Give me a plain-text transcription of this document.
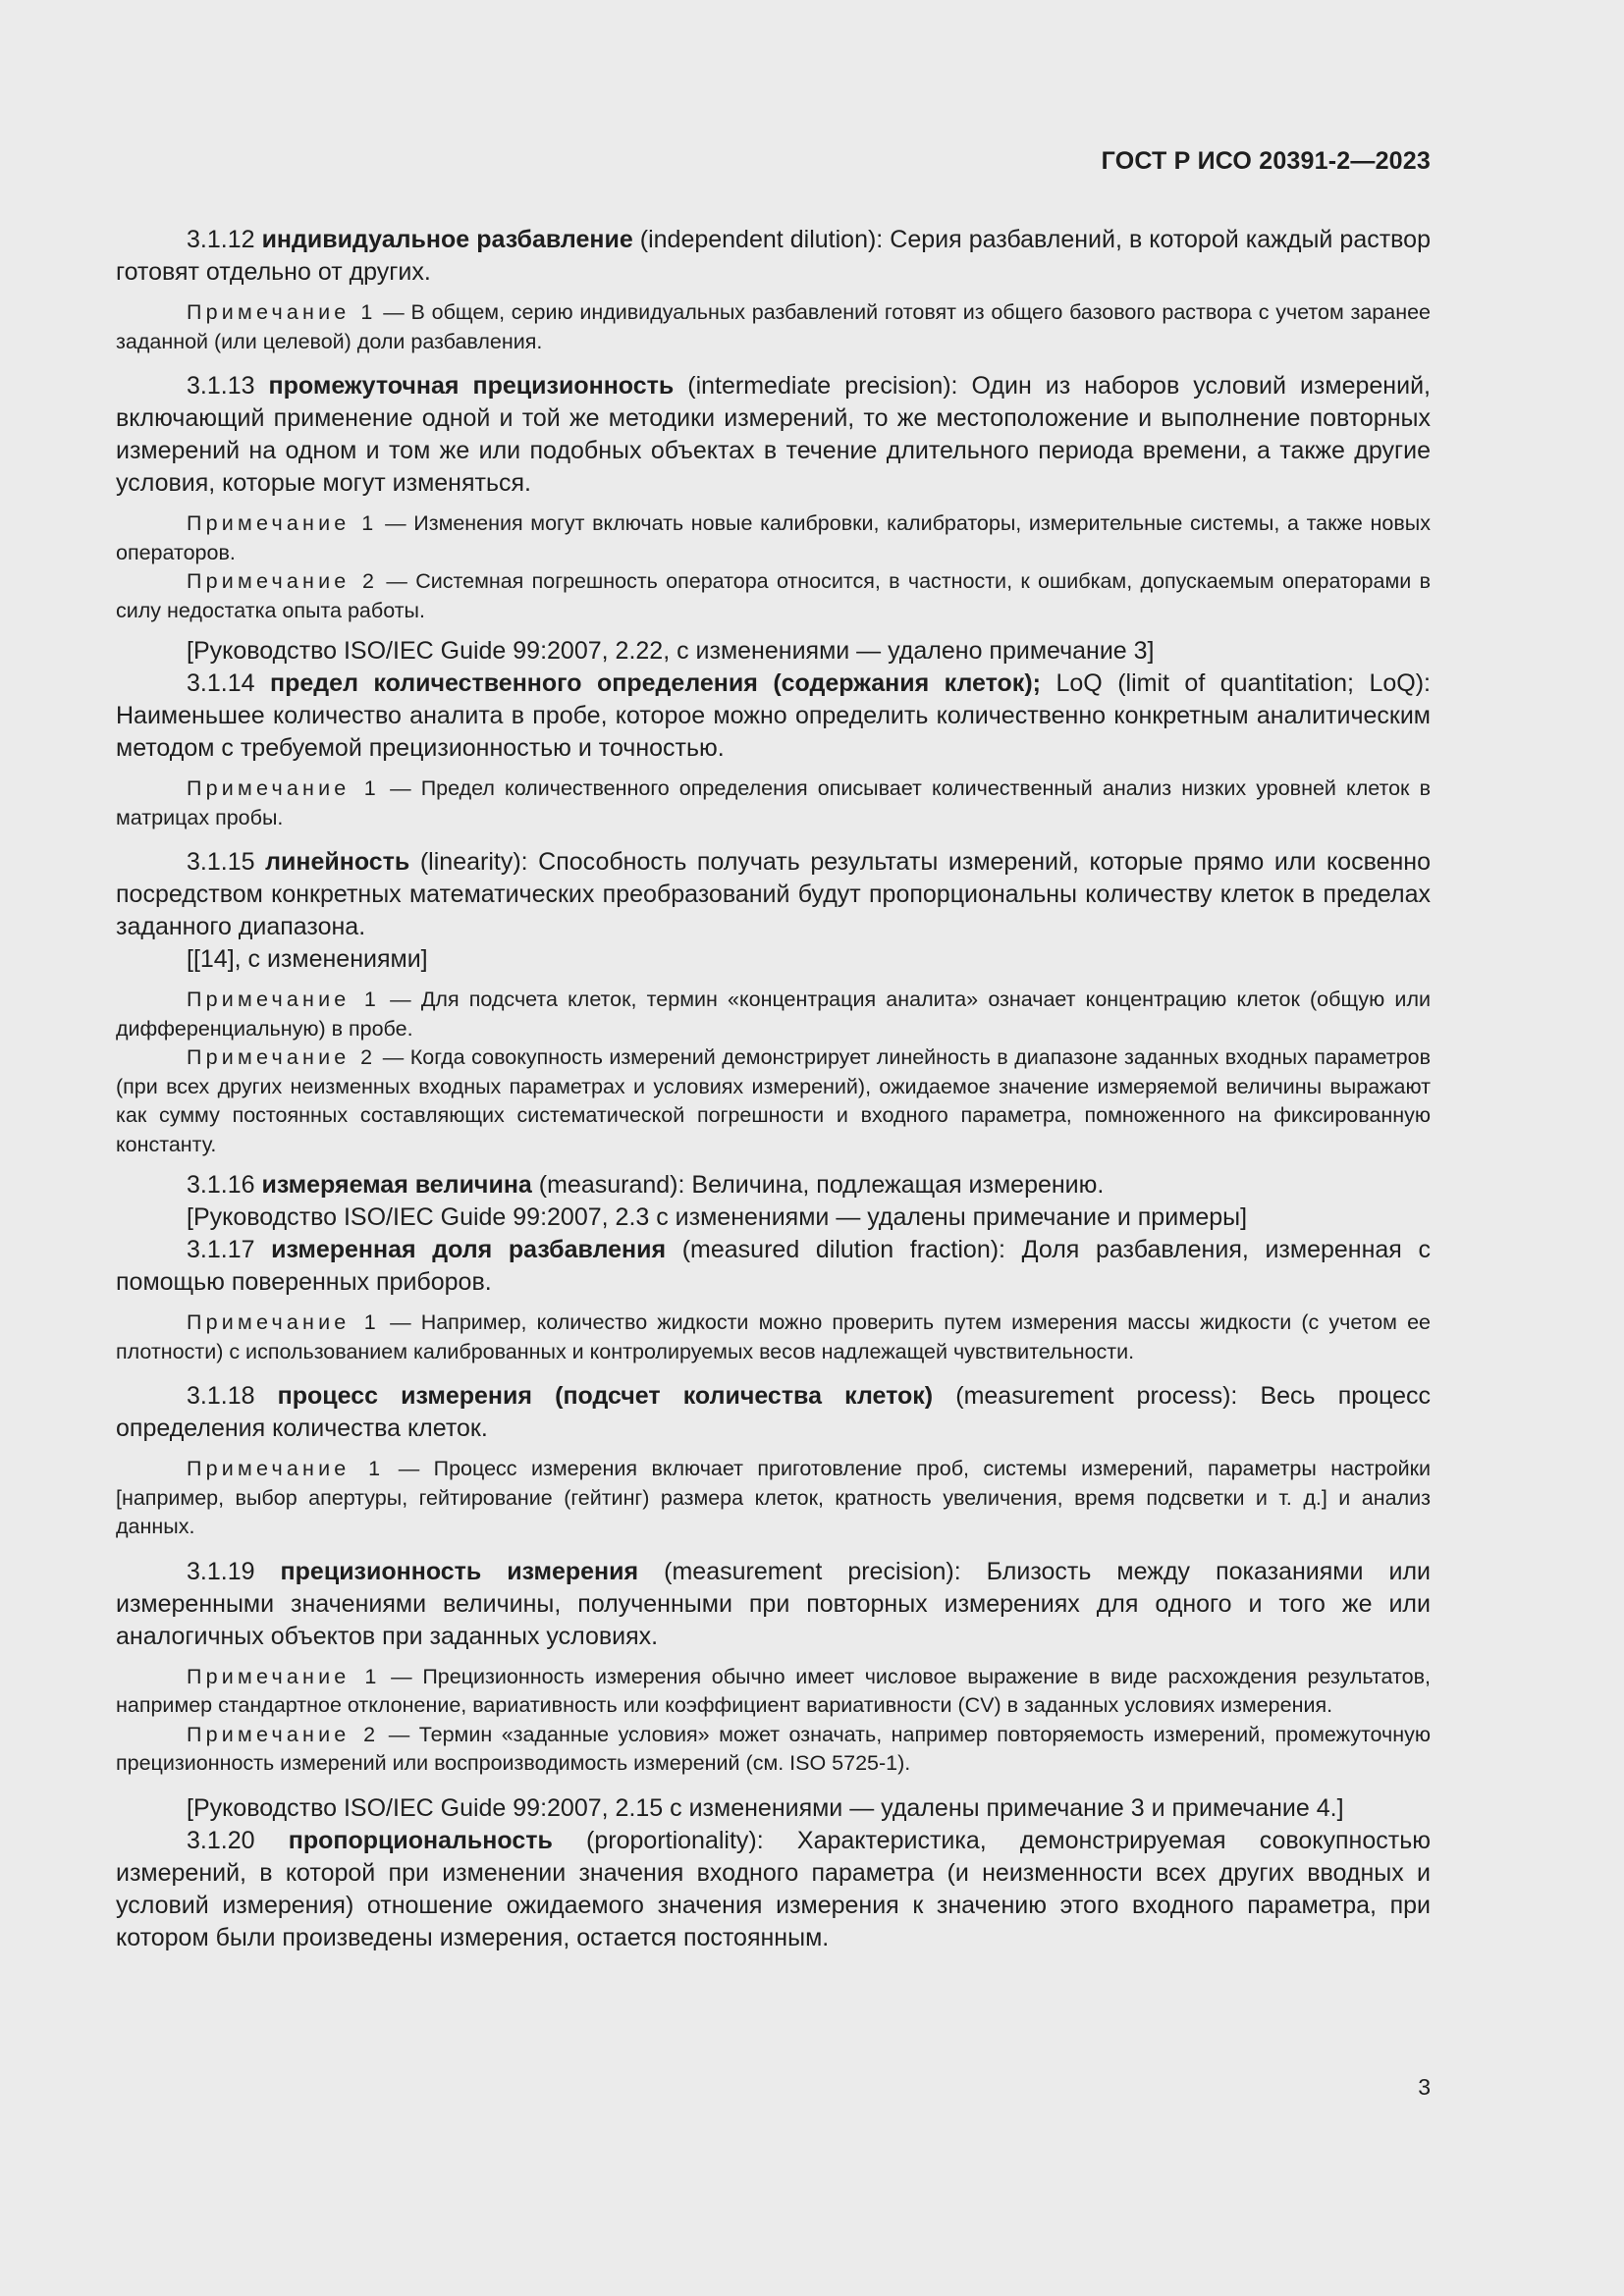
ГОСТ Р ИСО 20391-2—2023

3.1.12 индивидуальное разбавление (independent dilution): Серия разбавлений, в которой каждый раствор готовят отдельно от других.

Примечание 1 — В общем, серию индивидуальных разбавлений готовят из общего базового раствора с учетом заранее заданной (или целевой) доли разбавления.

3.1.13 промежуточная прецизионность (intermediate precision): Один из наборов условий измерений, включающий применение одной и той же методики измерений, то же местоположение и выполнение повторных измерений на одном и том же или подобных объектах в течение длительного периода времени, а также другие условия, которые могут изменяться.

Примечание 1 — Изменения могут включать новые калибровки, калибраторы, измерительные системы, а также новых операторов.

Примечание 2 — Системная погрешность оператора относится, в частности, к ошибкам, допускаемым операторами в силу недостатка опыта работы.

[Руководство ISO/IEC Guide 99:2007, 2.22, с изменениями — удалено примечание 3]

3.1.14 предел количественного определения (содержания клеток); LoQ (limit of quantitation; LoQ): Наименьшее количество аналита в пробе, которое можно определить количественно конкретным аналитическим методом с требуемой прецизионностью и точностью.

Примечание 1 — Предел количественного определения описывает количественный анализ низких уровней клеток в матрицах пробы.

3.1.15 линейность (linearity): Способность получать результаты измерений, которые прямо или косвенно посредством конкретных математических преобразований будут пропорциональны количеству клеток в пределах заданного диапазона.

[[14], с изменениями]

Примечание 1 — Для подсчета клеток, термин «концентрация аналита» означает концентрацию клеток (общую или дифференциальную) в пробе.

Примечание 2 — Когда совокупность измерений демонстрирует линейность в диапазоне заданных входных параметров (при всех других неизменных входных параметрах и условиях измерений), ожидаемое значение измеряемой величины выражают как сумму постоянных составляющих систематической погрешности и входного параметра, помноженного на фиксированную константу.

3.1.16 измеряемая величина (measurand): Величина, подлежащая измерению.

[Руководство ISO/IEC Guide 99:2007, 2.3 с изменениями — удалены примечание и примеры]

3.1.17 измеренная доля разбавления (measured dilution fraction): Доля разбавления, измеренная с помощью поверенных приборов.

Примечание 1 — Например, количество жидкости можно проверить путем измерения массы жидкости (с учетом ее плотности) с использованием калиброванных и контролируемых весов надлежащей чувствительности.

3.1.18 процесс измерения (подсчет количества клеток) (measurement process): Весь процесс определения количества клеток.

Примечание 1 — Процесс измерения включает приготовление проб, системы измерений, параметры настройки [например, выбор апертуры, гейтирование (гейтинг) размера клеток, кратность увеличения, время подсветки и т. д.] и анализ данных.

3.1.19 прецизионность измерения (measurement precision): Близость между показаниями или измеренными значениями величины, полученными при повторных измерениях для одного и того же или аналогичных объектов при заданных условиях.

Примечание 1 — Прецизионность измерения обычно имеет числовое выражение в виде расхождения результатов, например стандартное отклонение, вариативность или коэффициент вариативности (CV) в заданных условиях измерения.

Примечание 2 — Термин «заданные условия» может означать, например повторяемость измерений, промежуточную прецизионность измерений или воспроизводимость измерений (см. ISO 5725-1).

[Руководство ISO/IEC Guide 99:2007, 2.15 с изменениями — удалены примечание 3 и примечание 4.]

3.1.20 пропорциональность (proportionality): Характеристика, демонстрируемая совокупностью измерений, в которой при изменении значения входного параметра (и неизменности всех других вводных и условий измерения) отношение ожидаемого значения измерения к значению этого входного параметра, при котором были произведены измерения, остается постоянным.

3
